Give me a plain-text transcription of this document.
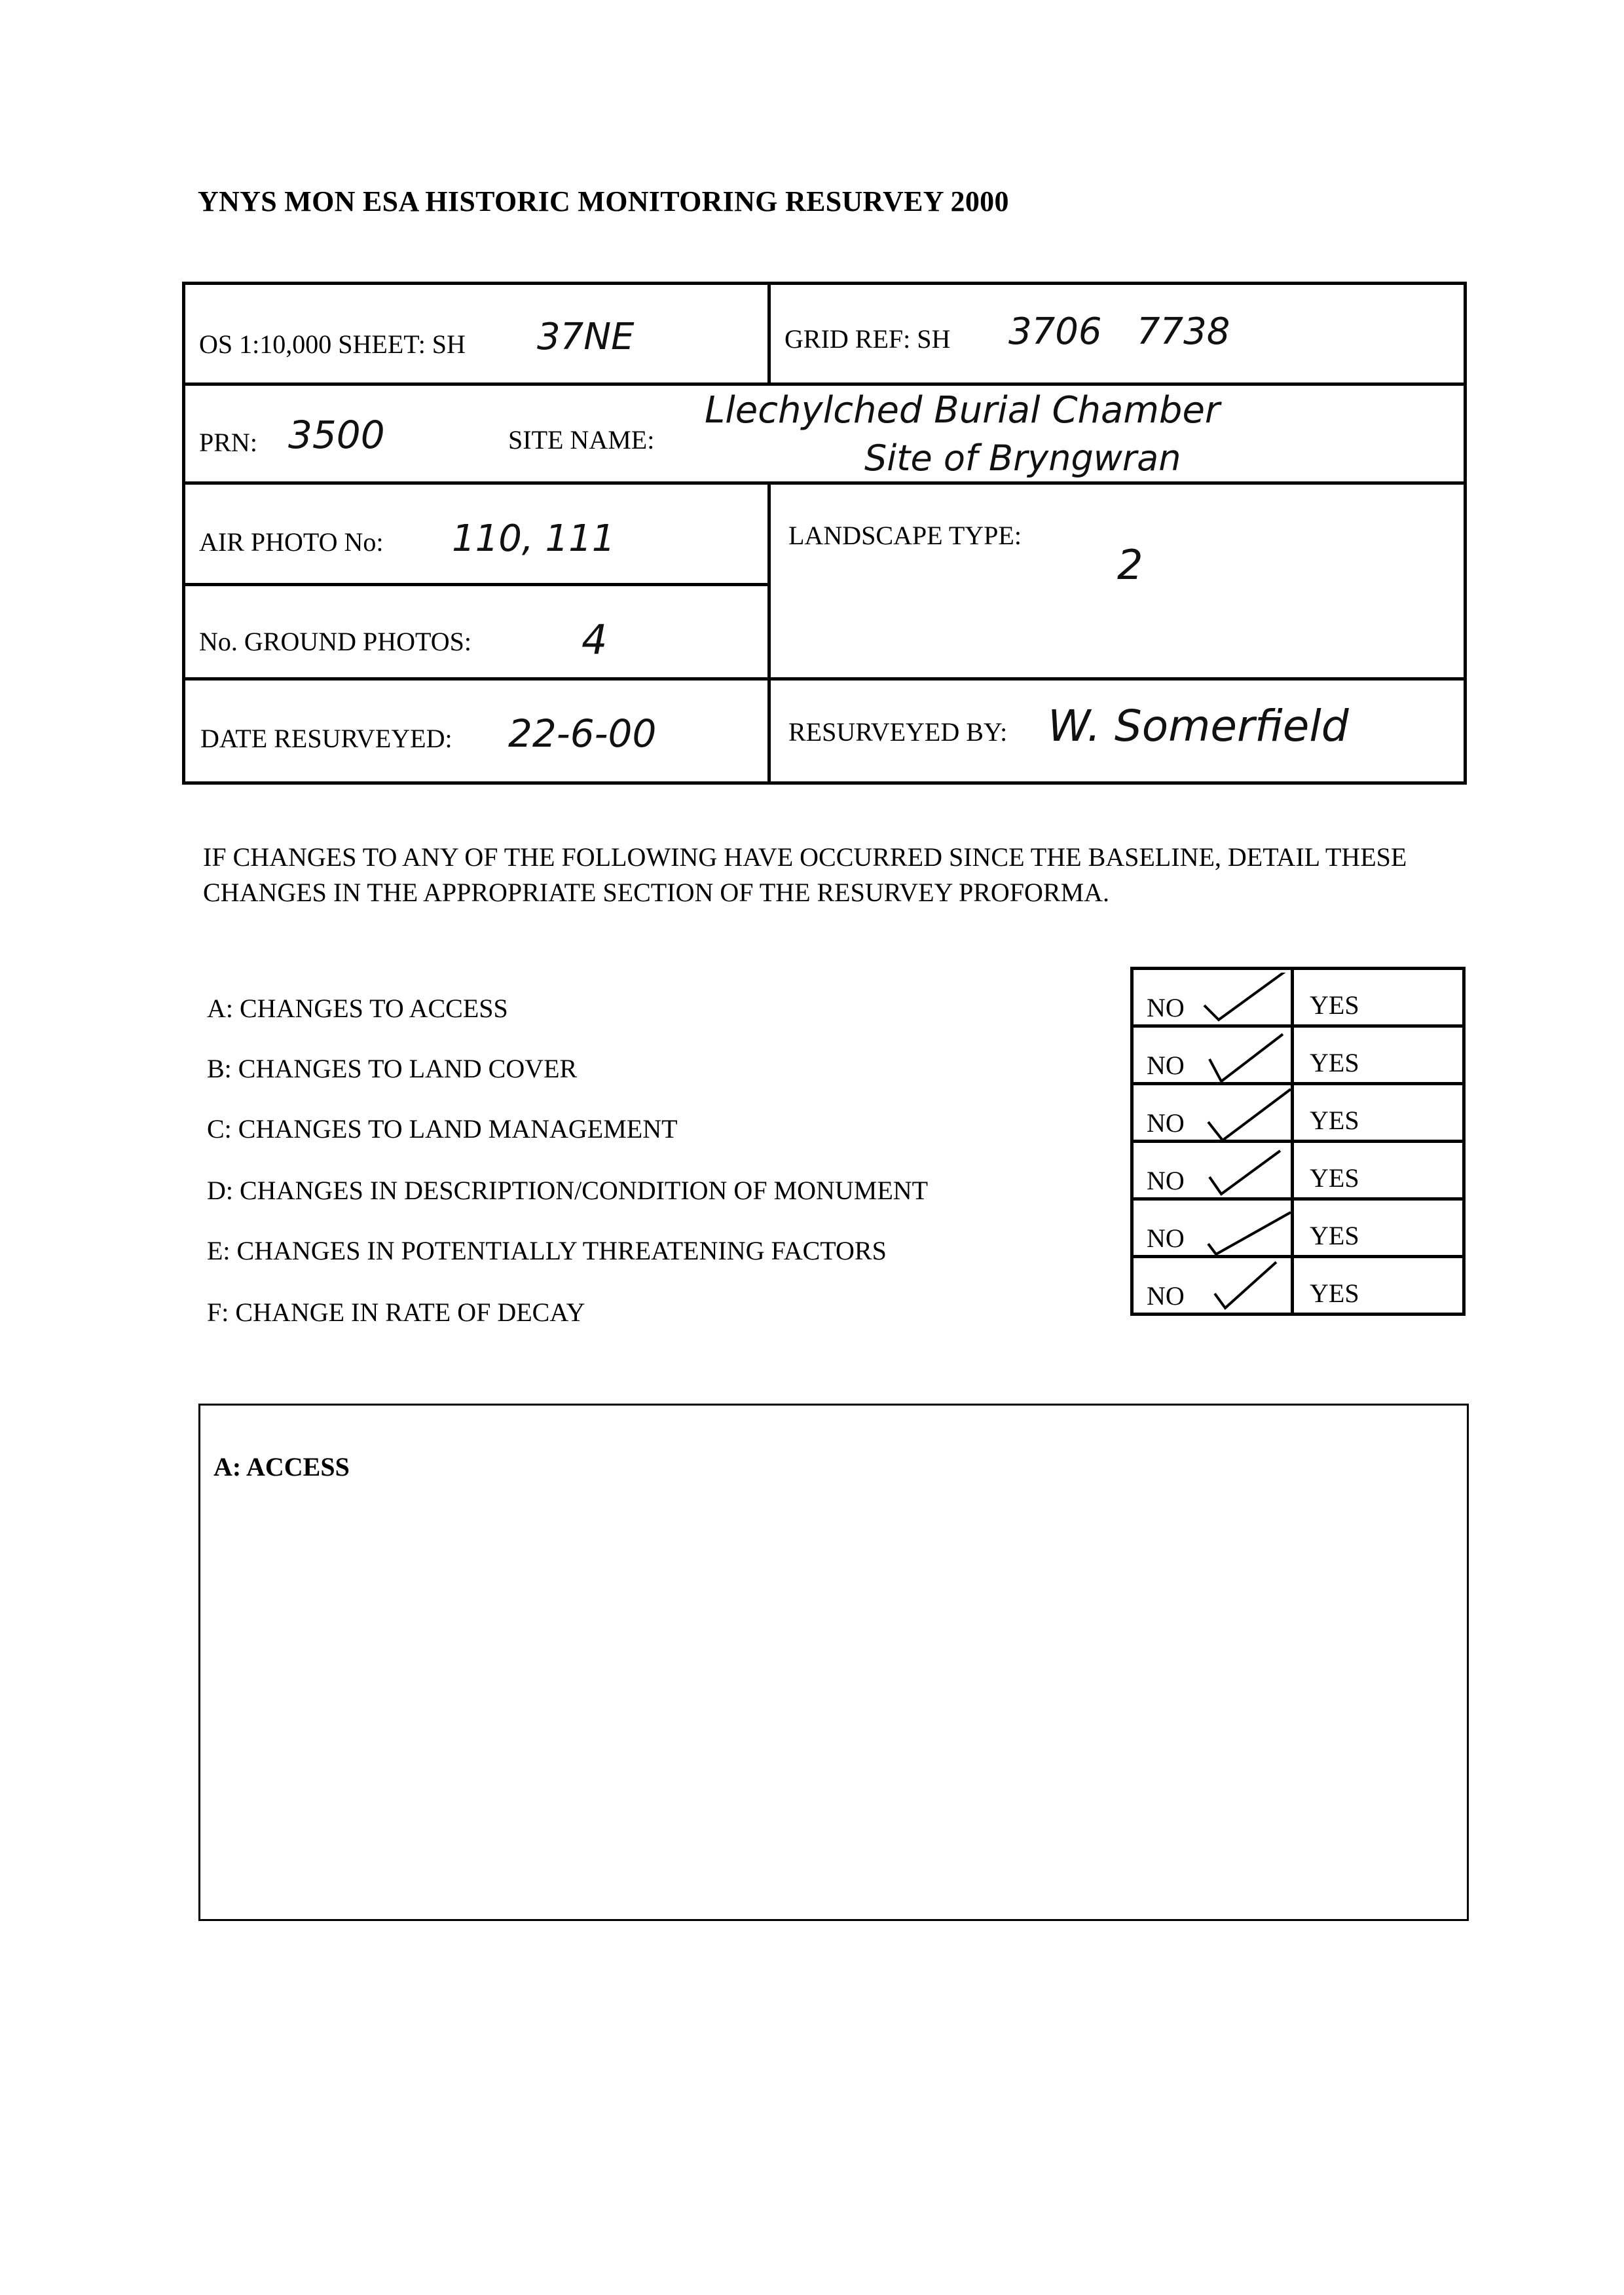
YNYS MON ESA HISTORIC MONITORING RESURVEY 2000
OS 1:10,000 SHEET: SH 37NE	GRID REF: SH 3706   7738
PRN: 3500	SITE NAME:
Llechylched Burial Chamber
Site of Bryngwran
AIR PHOTO No: 110, 111	LANDSCAPE TYPE:
2
No. GROUND PHOTOS:	4
DATE RESURVEYED: 22-6-00	RESURVEYED BY: W. Somerfield
IF CHANGES TO ANY OF THE FOLLOWING HAVE OCCURRED SINCE THE BASELINE, DETAIL THESE CHANGES IN THE APPROPRIATE SECTION OF THE RESURVEY PROFORMA.
A: CHANGES TO ACCESS
B: CHANGES TO LAND COVER
C: CHANGES TO LAND MANAGEMENT
D: CHANGES IN DESCRIPTION/CONDITION OF MONUMENT
E: CHANGES IN POTENTIALLY THREATENING FACTORS
F: CHANGE IN RATE OF DECAY
NO	YES
NO	YES
NO	YES
NO	YES
NO	YES
NO	YES
A: ACCESS
